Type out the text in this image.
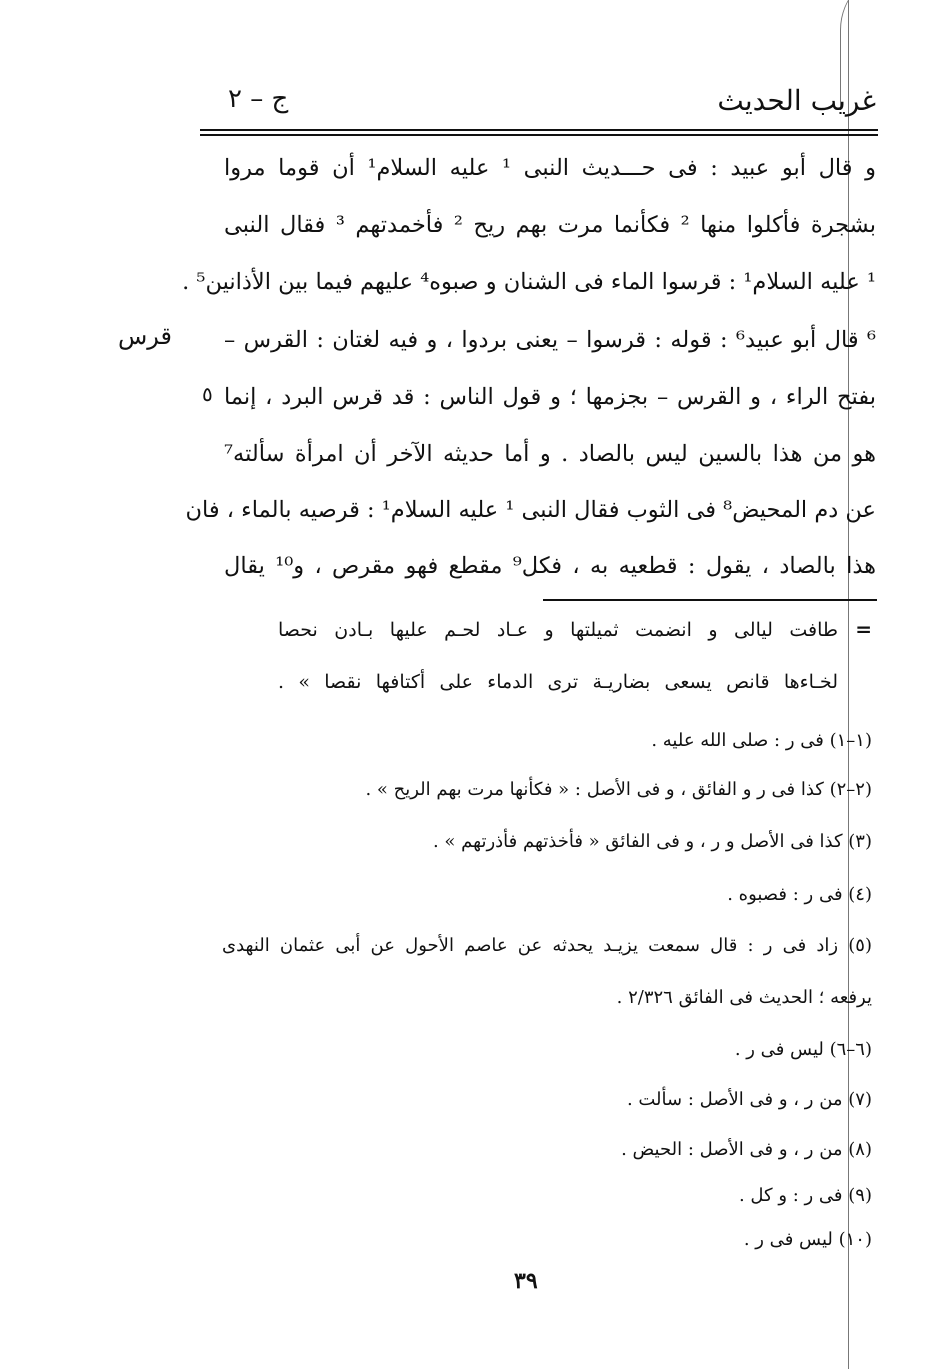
ج – ٢	غريب الحديث
و قال أبو عبيد : فى حـــديث النبى ¹ عليه السلام¹ أن قوما مروا
بشجرة فأكلوا منها ² فكأنما مرت بهم ريح ² فأخمدتهم ³ فقال النبى
¹ عليه السلام¹ : قرسوا الماء فى الشنان و صبوه⁴ عليهم فيما بين الأذانين⁵ .
⁶ قال أبو عبيد⁶ : قوله : قرسوا – يعنى بردوا ، و فيه لغتان : القرس –
بفتح الراء ، و القرس – بجزمها ؛ و قول الناس : قد قرس البرد ، إنما
هو من هذا بالسين ليس بالصاد . و أما حديثه الآخر أن امرأة سألته⁷
عن دم المحيض⁸ فى الثوب فقال النبى ¹ عليه السلام¹ : قرصيه بالماء ، فان
هذا بالصاد ، يقول : قطعيه به ، فكل⁹ مقطع فهو مقرص ، و¹⁰ يقال
قرس
٥
=
طافت ليالى و انضمت ثميلتها و عـاد لحـم عليها بـادن نحصا
لخـاءها قانص يسعى بضاريـة ترى الدماء على أكتافها نقصا » .
(١–١) فى ر : صلى الله عليه .
(٢–٢) كذا فى ر و الفائق ، و فى الأصل : « فكأنها مرت بهم الريح » .
(٣) كذا فى الأصل و ر ، و فى الفائق « فأخذتهم فأذرتهم » .
(٤) فى ر : فصبوه .
(٥) زاد فى ر : قال سمعت يزيـد يحدثه عن عاصم الأحول عن أبى عثمان النهدى
يرفعه ؛ الحديث فى الفائق ٢/٣٢٦ .
(٦–٦) ليس فى ر .
(٧) من ر ، و فى الأصل : سألت .
(٨) من ر ، و فى الأصل : الحيض .
(٩) فى ر : و كل .
(١٠) ليس فى ر .
٣٩
